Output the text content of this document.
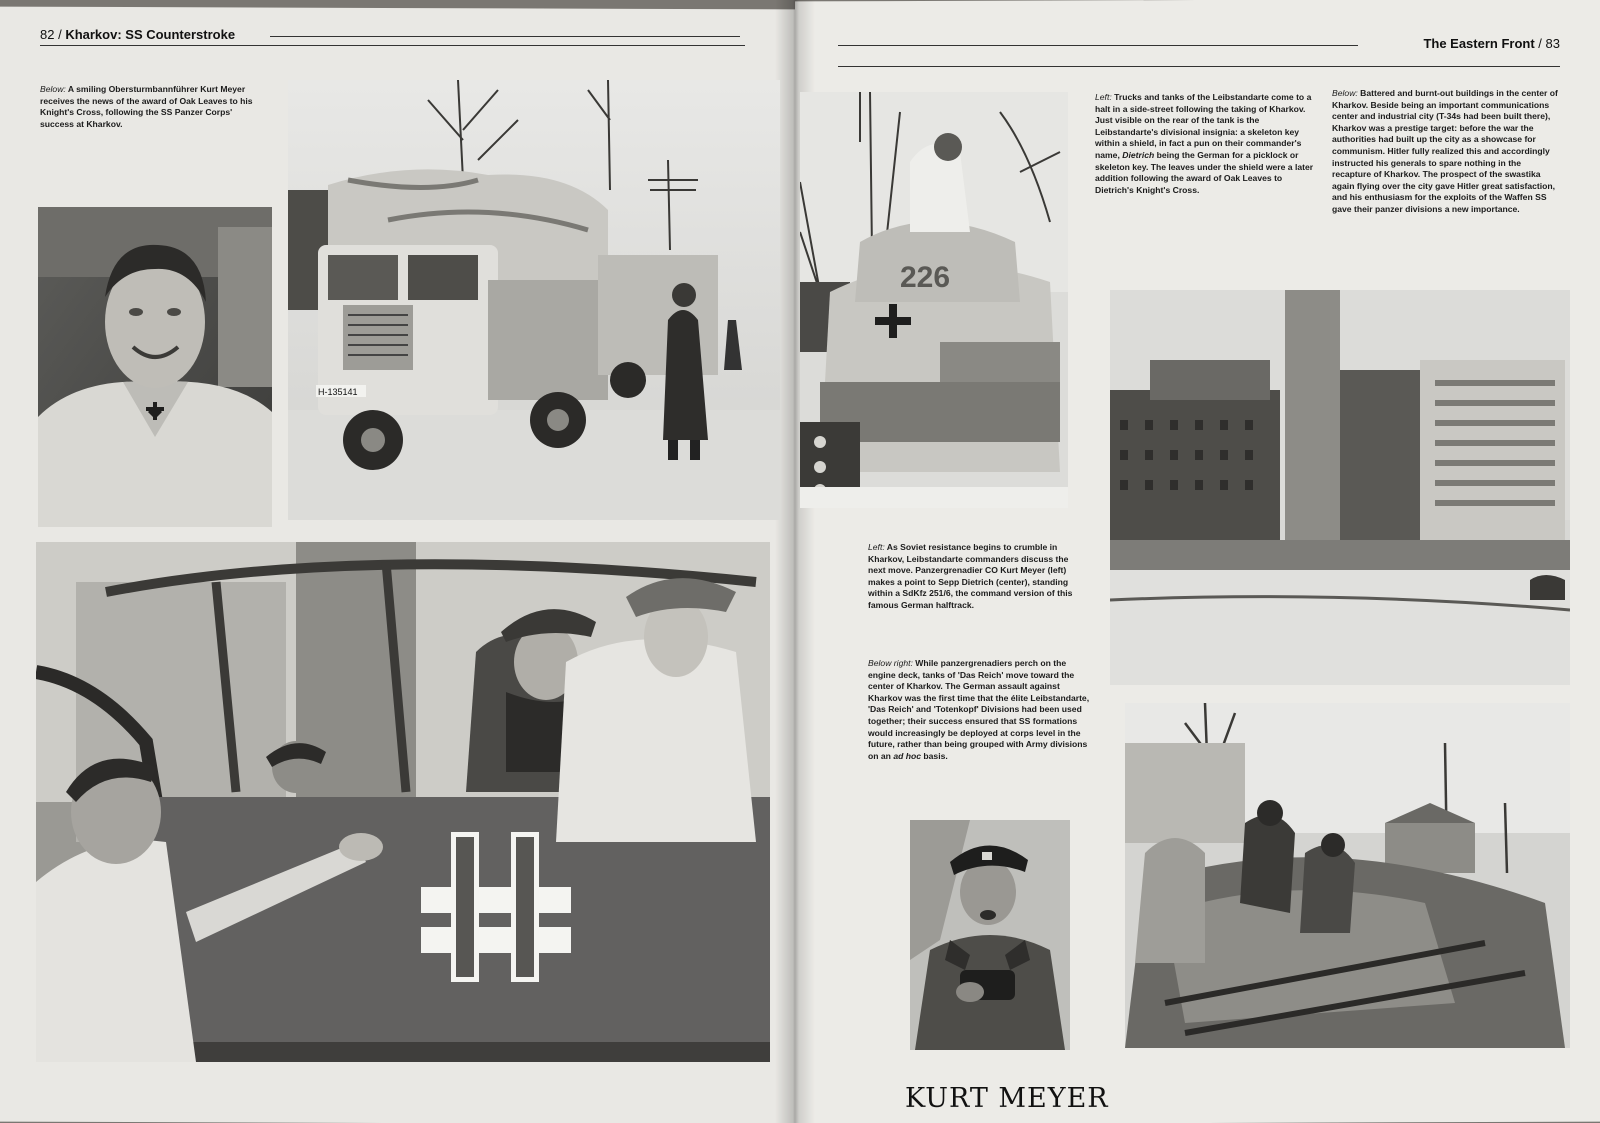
82 / Kharkov: SS Counterstroke
The Eastern Front / 83
Below: A smiling Obersturmbannführer Kurt Meyer receives the news of the award of Oak Leaves to his Knight's Cross, following the SS Panzer Corps' success at Kharkov.
H-135141
226
Left: Trucks and tanks of the Leibstandarte come to a halt in a side-street following the taking of Kharkov. Just visible on the rear of the tank is the Leibstandarte's divisional insignia: a skeleton key within a shield, in fact a pun on their commander's name, Dietrich being the German for a picklock or skeleton key. The leaves under the shield were a later addition following the award of Oak Leaves to Dietrich's Knight's Cross.
Below: Battered and burnt-out buildings in the center of Kharkov. Beside being an important communications center and industrial city (T-34s had been built there), Kharkov was a prestige target: before the war the authorities had built up the city as a showcase for communism. Hitler fully realized this and accordingly instructed his generals to spare nothing in the recapture of Kharkov. The prospect of the swastika again flying over the city gave Hitler great satisfaction, and his enthusiasm for the exploits of the Waffen SS gave their panzer divisions a new importance.
Left: As Soviet resistance begins to crumble in Kharkov, Leibstandarte commanders discuss the next move. Panzergrenadier CO Kurt Meyer (left) makes a point to Sepp Dietrich (center), standing within a SdKfz 251/6, the command version of this famous German halftrack.
Below right: While panzergrenadiers perch on the engine deck, tanks of 'Das Reich' move toward the center of Kharkov. The German assault against Kharkov was the first time that the élite Leibstandarte, 'Das Reich' and 'Totenkopf' Divisions had been used together; their success ensured that SS formations would increasingly be deployed at corps level in the future, rather than being grouped with Army divisions on an ad hoc basis.
KURT MEYER
